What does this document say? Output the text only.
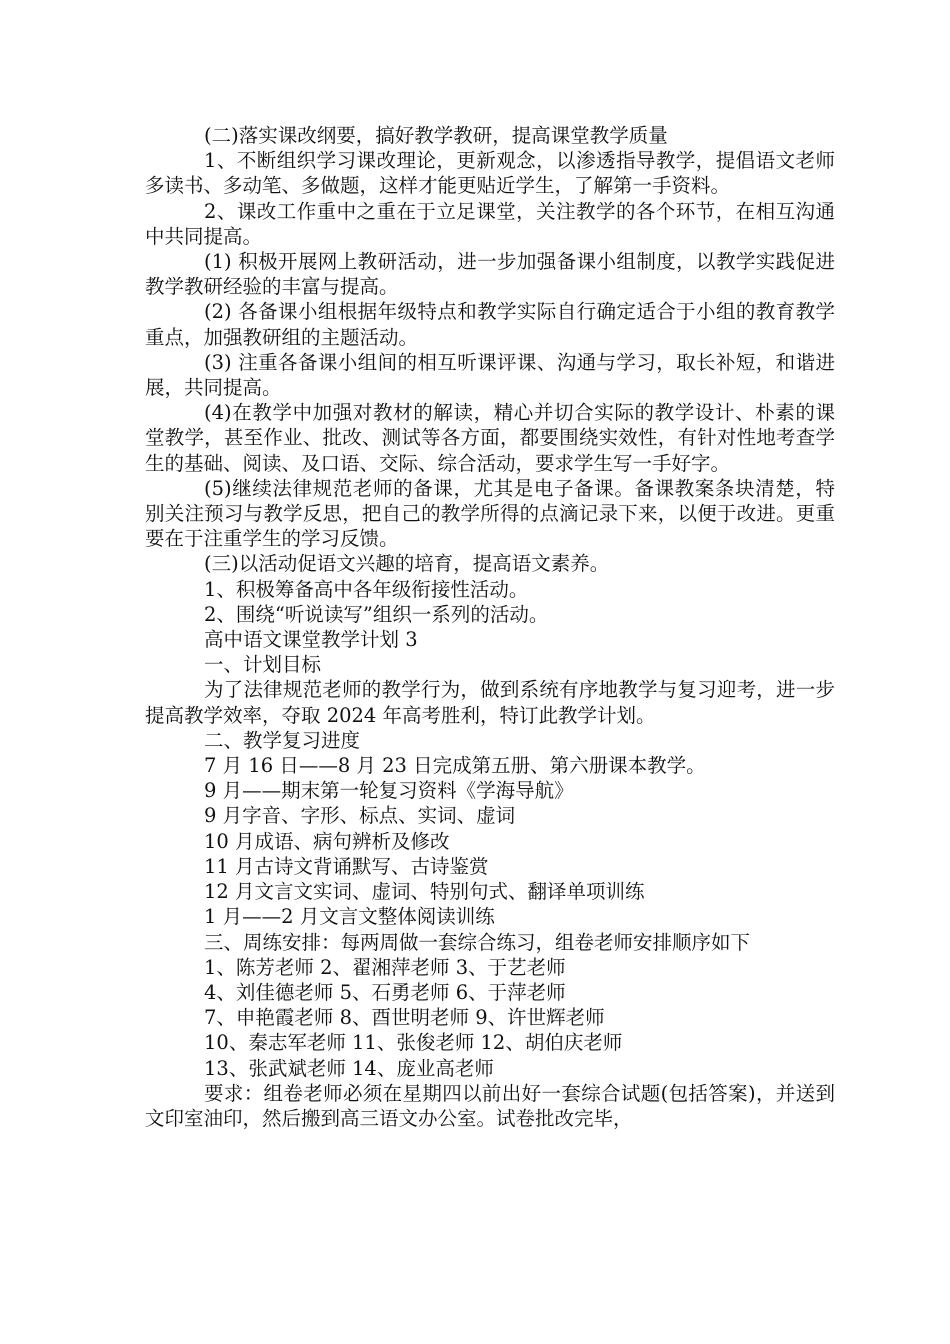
(二)落实课改纲要，搞好教学教研，提高课堂教学质量

1、不断组织学习课改理论，更新观念，以渗透指导教学，提倡语文老师多读书、多动笔、多做题，这样才能更贴近学生，了解第一手资料。

2、课改工作重中之重在于立足课堂，关注教学的各个环节，在相互沟通中共同提高。

(1) 积极开展网上教研活动，进一步加强备课小组制度，以教学实践促进教学教研经验的丰富与提高。

(2) 各备课小组根据年级特点和教学实际自行确定适合于小组的教育教学重点，加强教研组的主题活动。

(3) 注重各备课小组间的相互听课评课、沟通与学习，取长补短，和谐进展，共同提高。

(4)在教学中加强对教材的解读，精心并切合实际的教学设计、朴素的课堂教学，甚至作业、批改、测试等各方面，都要围绕实效性，有针对性地考查学生的基础、阅读、及口语、交际、综合活动，要求学生写一手好字。

(5)继续法律规范老师的备课，尤其是电子备课。备课教案条块清楚，特别关注预习与教学反思，把自己的教学所得的点滴记录下来，以便于改进。更重要在于注重学生的学习反馈。

(三)以活动促语文兴趣的培育，提高语文素养。

1、积极筹备高中各年级衔接性活动。

2、围绕“听说读写”组织一系列的活动。

高中语文课堂教学计划 3

一、计划目标

为了法律规范老师的教学行为，做到系统有序地教学与复习迎考，进一步提高教学效率，夺取 2024 年高考胜利，特订此教学计划。

二、教学复习进度

7 月 16 日——8 月 23 日完成第五册、第六册课本教学。

9 月——期末第一轮复习资料《学海导航》

9 月字音、字形、标点、实词、虚词

10 月成语、病句辨析及修改

11 月古诗文背诵默写、古诗鉴赏

12 月文言文实词、虚词、特别句式、翻译单项训练

1 月——2 月文言文整体阅读训练

三、周练安排：每两周做一套综合练习，组卷老师安排顺序如下

1、陈芳老师 2、翟湘萍老师 3、于艺老师

4、刘佳德老师 5、石勇老师 6、于萍老师

7、申艳霞老师 8、酉世明老师 9、许世辉老师

10、秦志军老师 11、张俊老师 12、胡伯庆老师

13、张武斌老师 14、庞业高老师

要求：组卷老师必须在星期四以前出好一套综合试题(包括答案)，并送到文印室油印，然后搬到高三语文办公室。试卷批改完毕，
